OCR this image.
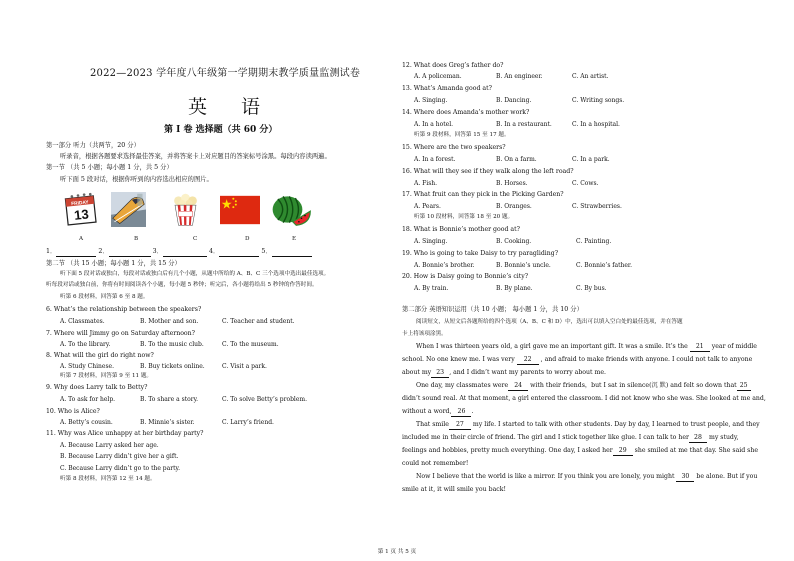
2022—2023 学年度八年级第一学期期末教学质量监测试卷
英 语
第 I 卷 选择题（共 60 分）
第一部分 听力（共两节，20 分）
听录音，根据各题要求选择最佳答案，并将答案卡上对应题目的答案标号涂黑。每段内容读两遍。
第一节 （共 5 小题；每小题 1 分，共 5 分）
听下面 5 段对话，根据你听到的内容选出相应的图片。
FRIDAY
13
A	B	C	D	E
1．	2．	3．	4．	5．
第二节 （共 15 小题；每小题 1 分，共 15 分）
听下面 5 段对话或独白，每段对话或独白后有几个小题，从题中所给的 A、B、C 三个选项中选出最佳选项。
听每段对话或独白前，你将有时间阅读各个小题，每小题 5 秒钟；听完后，各小题将给出 5 秒钟的作答时间。
听第 6 段材料，回答第 6 至 8 题。
6. What’s the relationship between the speakers?
A. Classmates.	B. Mother and son.	C. Teacher and student.
7. Where will Jimmy go on Saturday afternoon?
A. To the library.	B. To the music club.	C. To the museum.
8. What will the girl do right now?
A. Study Chinese.	B. Buy tickets online.	C. Visit a park.
听第 7 段材料，回答第 9 至 11 题。
9. Why does Larry talk to Betty?
A. To ask for help.	B. To share a story.	C. To solve Betty’s problem.
10. Who is Alice?
A. Betty’s cousin.	B. Minnie’s sister.	C. Larry’s friend.
11. Why was Alice unhappy at her birthday party?
A. Because Larry asked her age.
B. Because Larry didn’t give her a gift.
C. Because Larry didn’t go to the party.
听第 8 段材料，回答第 12 至 14 题。
12. What does Greg’s father do?
A. A policeman.	B. An engineer.	C. An artist.
13. What’s Amanda good at?
A. Singing.	B. Dancing.	C. Writing songs.
14. Where does Amanda’s mother work?
A. In a hotel.	B. In a restaurant.	C. In a hospital.
听第 9 段材料，回答第 15 至 17 题。
15. Where are the two speakers?
A. In a forest.	B. On a farm.	C. In a park.
16. What will they see if they walk along the left road?
A. Fish.	B. Horses.	C. Cows.
17. What fruit can they pick in the Picking Garden?
A. Pears.	B. Oranges.	C. Strawberries.
听第 10 段材料，回答第 18 至 20 题。
18. What is Bonnie’s mother good at?
A. Singing.	B. Cooking.	C. Painting.
19. Who is going to take Daisy to try paragliding?
A. Bonnie’s brother.	B. Bonnie’s uncle.	C. Bonnie’s father.
20. How is Daisy going to Bonnie’s city?
A. By train.	B. By plane.	C. By bus.
第二部分 英语知识运用（共 10 小题； 每小题 1 分，共 10 分）
阅读短文，从短文后各题所给的四个选项（A、B、C 和 D）中，选出可以填入空白处的最佳选项，并在答题
卡上将该项涂黑。
When I was thirteen years old, a girl gave me an important gift. It was a smile. It’s the 21 year of middle
school. No one knew me. I was very 22 , and afraid to make friends with anyone. I could not talk to anyone
about my 23 , and I didn’t want my parents to worry about me.
One day, my classmates were 24 with their friends，but I sat in silence(沉 默) and felt so down that 25
didn’t sound real. At that moment, a girl entered the classroom. I did not know who she was. She looked at me and,
without a word, 26 .
That smile 27 my life. I started to talk with other students. Day by day, I learned to trust people, and they
included me in their circle of friend. The girl and I stick together like glue. I can talk to her 28 my study,
feelings and hobbies, pretty much everything. One day, I asked her 29 she smiled at me that day. She said she
could not remember!
Now I believe that the world is like a mirror. If you think you are lonely, you might 30 be alone. But if you
smile at it, it will smile you back!
第 1 页 共 5 页
